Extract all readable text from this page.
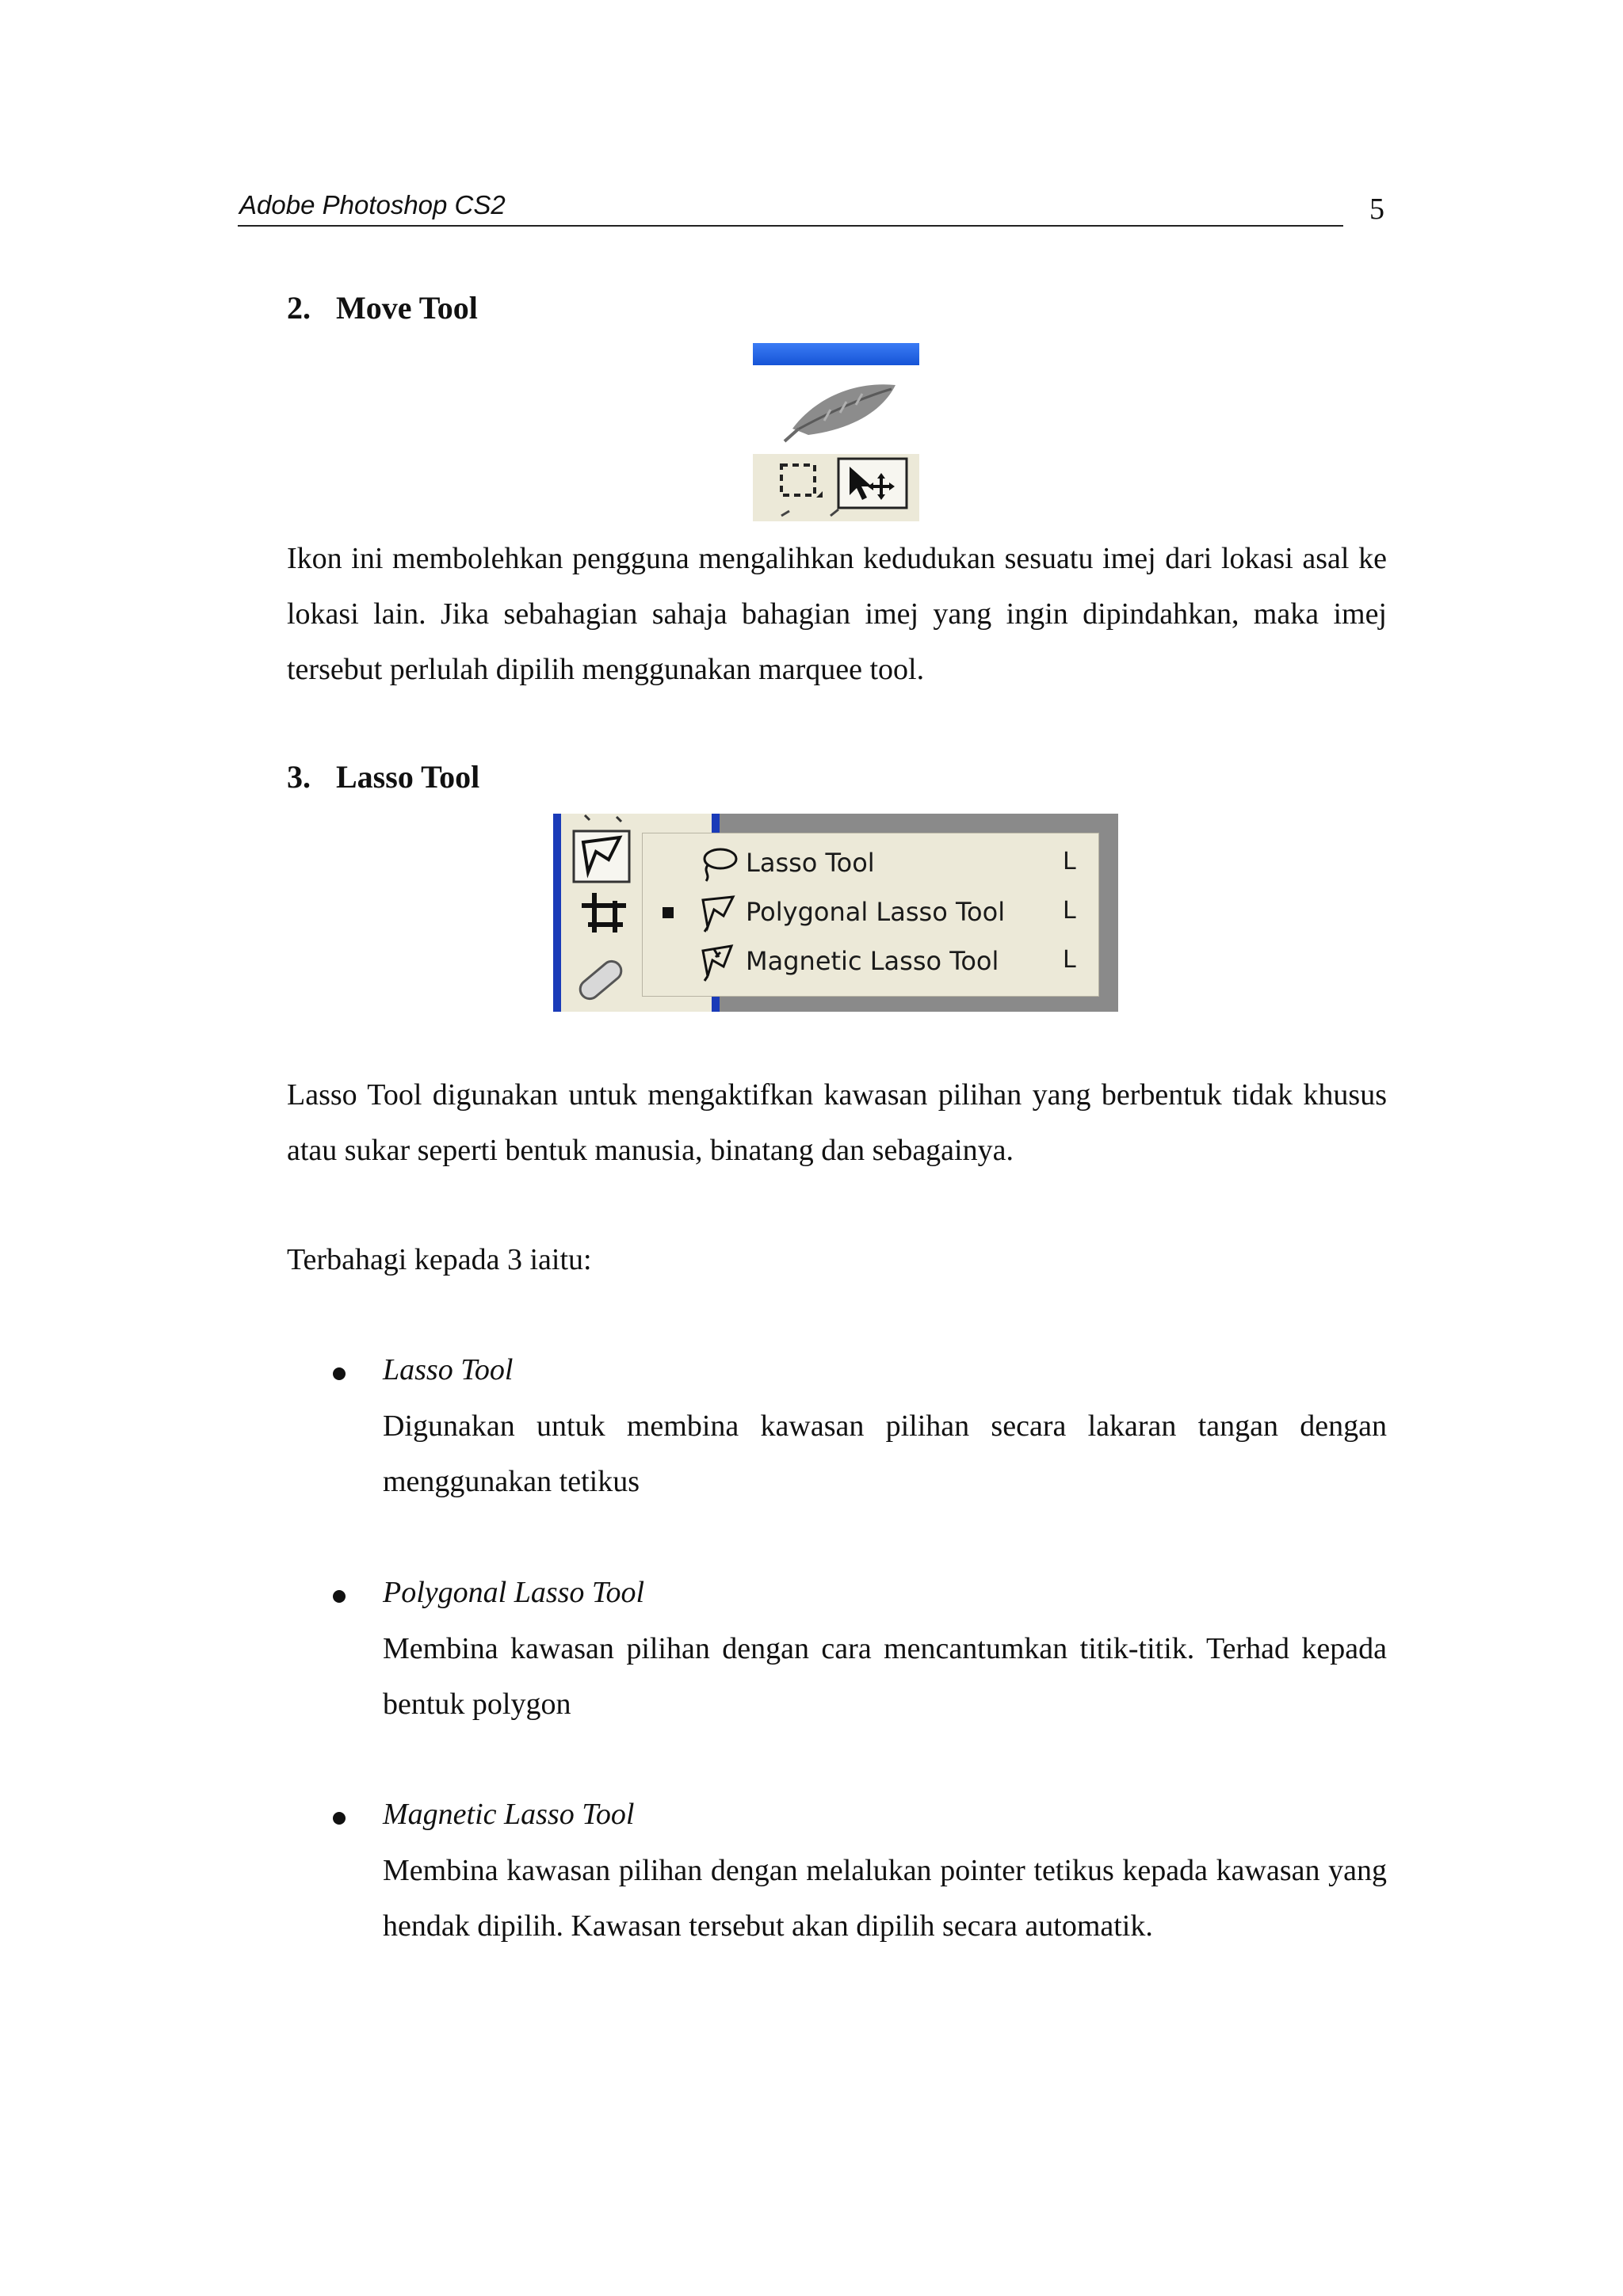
Adobe Photoshop CS2	5
2. Move Tool
Ikon ini membolehkan pengguna mengalihkan kedudukan sesuatu imej dari lokasi asal ke lokasi lain. Jika sebahagian sahaja bahagian imej yang ingin dipindahkan, maka imej tersebut perlulah dipilih menggunakan marquee tool.
3. Lasso Tool
Lasso Tool	L
Polygonal Lasso Tool L
Magnetic Lasso Tool	L
Lasso Tool digunakan untuk mengaktifkan kawasan pilihan yang berbentuk tidak khusus atau sukar seperti bentuk manusia, binatang dan sebagainya.
Terbahagi kepada 3 iaitu:
Lasso Tool
Digunakan untuk membina kawasan pilihan secara lakaran tangan dengan menggunakan tetikus
Polygonal Lasso Tool
Membina kawasan pilihan dengan cara mencantumkan titik-titik. Terhad kepada bentuk polygon
Magnetic Lasso Tool
Membina kawasan pilihan dengan melalukan pointer tetikus kepada kawasan yang hendak dipilih. Kawasan tersebut akan dipilih secara automatik.
